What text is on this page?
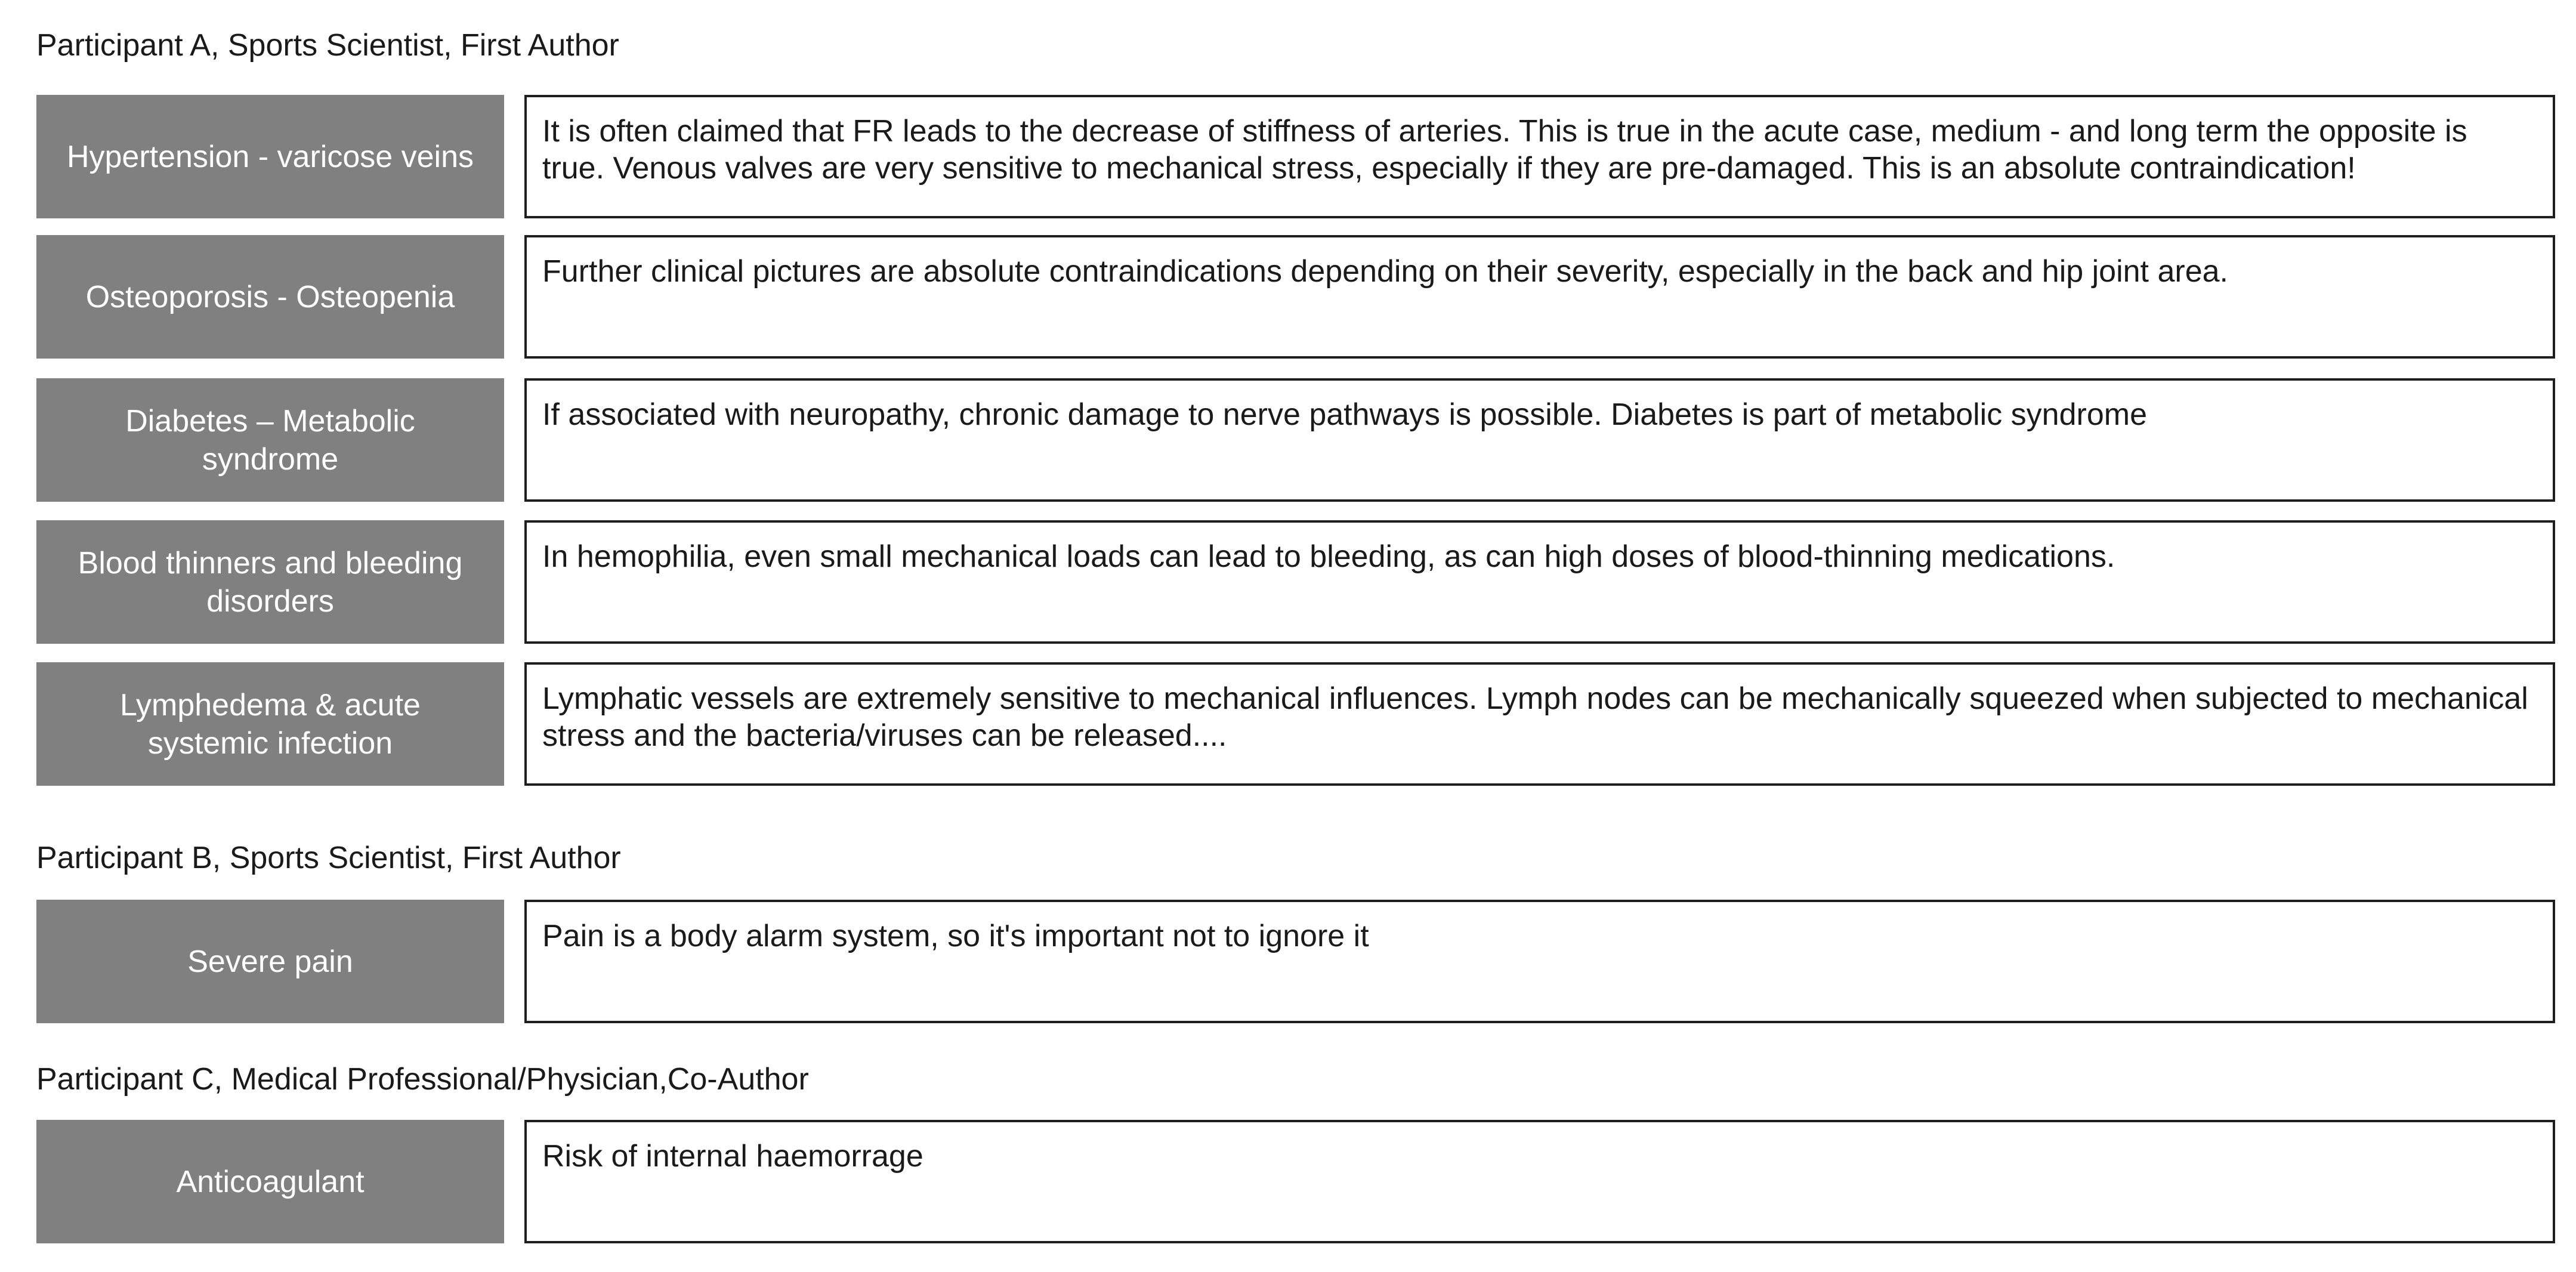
Participant A, Sports Scientist, First Author
Hypertension - varicose veins
It is often claimed that FR leads to the decrease of stiffness of arteries. This is true in the acute case, medium - and long term the opposite is true. Venous valves are very sensitive to mechanical stress, especially if they are pre-damaged. This is an absolute contraindication!
Osteoporosis - Osteopenia
Further clinical pictures are absolute contraindications depending on their severity, especially in the back and hip joint area.
Diabetes – Metabolic syndrome
If associated with neuropathy, chronic damage to nerve pathways is possible. Diabetes is part of metabolic syndrome
Blood thinners and bleeding disorders
In hemophilia, even small mechanical loads can lead to bleeding, as can high doses of blood-thinning medications.
Lymphedema & acute systemic infection
Lymphatic vessels are extremely sensitive to mechanical influences. Lymph nodes can be mechanically squeezed when subjected to mechanical stress and the bacteria/viruses can be released....
Participant B, Sports Scientist, First Author
Severe pain
Pain is a body alarm system, so it's important not to ignore it
Participant C, Medical Professional/Physician,Co-Author
Anticoagulant
Risk of internal haemorrage
